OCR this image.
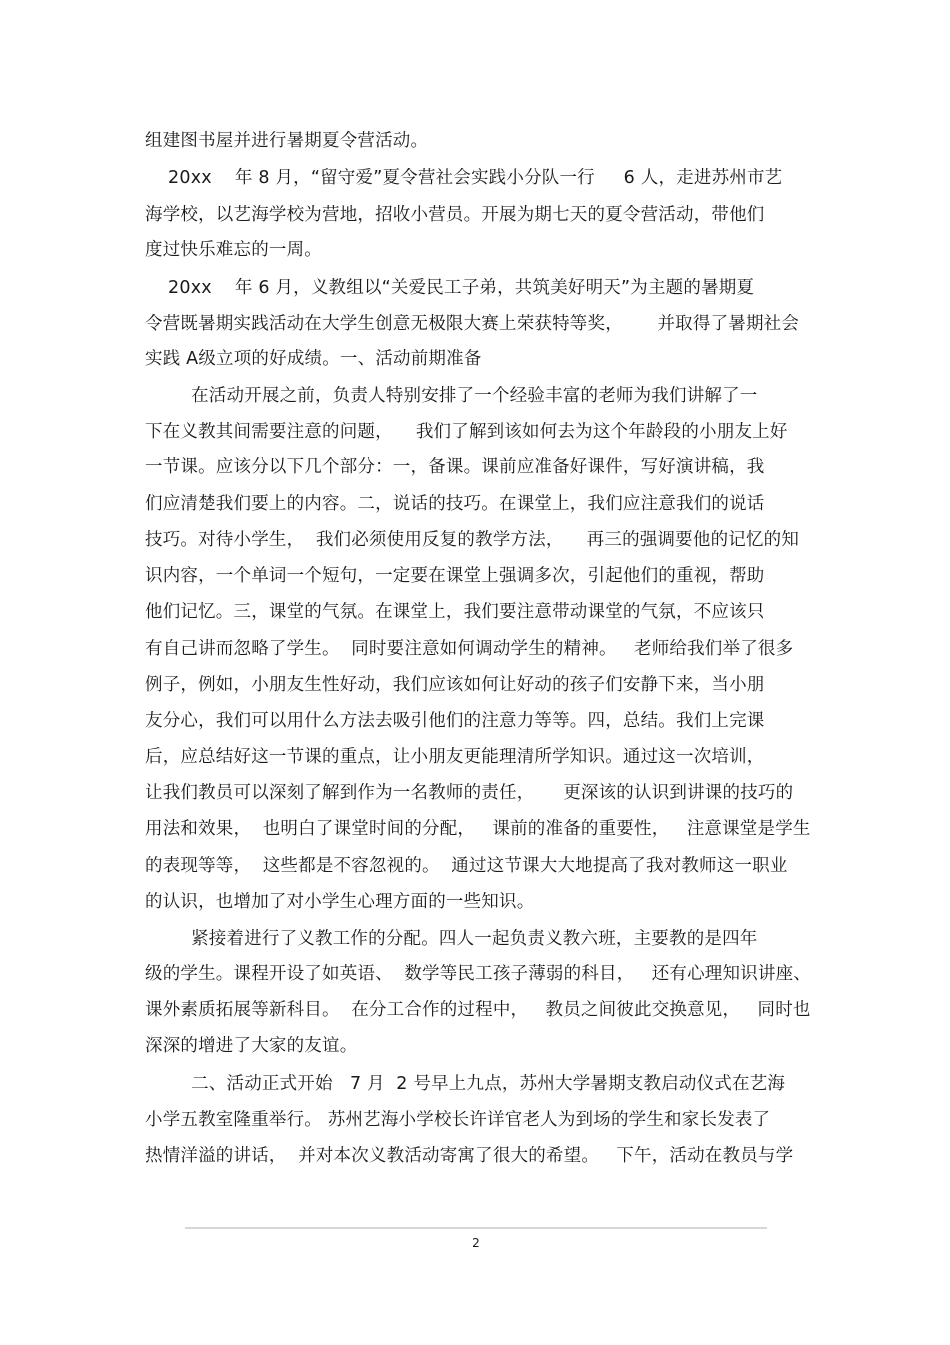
组建图书屋并进行暑期夏令营活动。
20xx    年 8 月，“留守爱”夏令营社会实践小分队一行     6 人，走进苏州市艺
海学校，以艺海学校为营地，招收小营员。开展为期七天的夏令营活动，带他们
度过快乐难忘的一周。
20xx    年 6 月，义教组以“关爱民工子弟，共筑美好明天”为主题的暑期夏
令营既暑期实践活动在大学生创意无极限大赛上荣获特等奖，      并取得了暑期社会
实践 A级立项的好成绩。一、活动前期准备
在活动开展之前，负责人特别安排了一个经验丰富的老师为我们讲解了一
下在义教其间需要注意的问题，    我们了解到该如何去为这个年龄段的小朋友上好
一节课。应该分以下几个部分：一，备课。课前应准备好课件，写好演讲稿，我
们应清楚我们要上的内容。二，说话的技巧。在课堂上，我们应注意我们的说话
技巧。对待小学生，  我们必须使用反复的教学方法，    再三的强调要他的记忆的知
识内容，一个单词一个短句，一定要在课堂上强调多次，引起他们的重视，帮助
他们记忆。三，课堂的气氛。在课堂上，我们要注意带动课堂的气氛，不应该只
有自己讲而忽略了学生。  同时要注意如何调动学生的精神。   老师给我们举了很多
例子，例如，小朋友生性好动，我们应该如何让好动的孩子们安静下来，当小朋
友分心，我们可以用什么方法去吸引他们的注意力等等。四，总结。我们上完课
后，应总结好这一节课的重点，让小朋友更能理清所学知识。通过这一次培训，
让我们教员可以深刻了解到作为一名教师的责任，     更深该的认识到讲课的技巧的
用法和效果，  也明白了课堂时间的分配，   课前的准备的重要性，   注意课堂是学生
的表现等等，  这些都是不容忽视的。  通过这节课大大地提高了我对教师这一职业
的认识，也增加了对小学生心理方面的一些知识。
紧接着进行了义教工作的分配。四人一起负责义教六班，主要教的是四年
级的学生。课程开设了如英语、  数学等民工孩子薄弱的科目，   还有心理知识讲座、
课外素质拓展等新科目。  在分工合作的过程中，   教员之间彼此交换意见，   同时也
深深的增进了大家的友谊。
二、活动正式开始   7 月  2 号早上九点，苏州大学暑期支教启动仪式在艺海
小学五教室隆重举行。 苏州艺海小学校长许详官老人为到场的学生和家长发表了
热情洋溢的讲话，  并对本次义教活动寄寓了很大的希望。   下午，活动在教员与学
2
